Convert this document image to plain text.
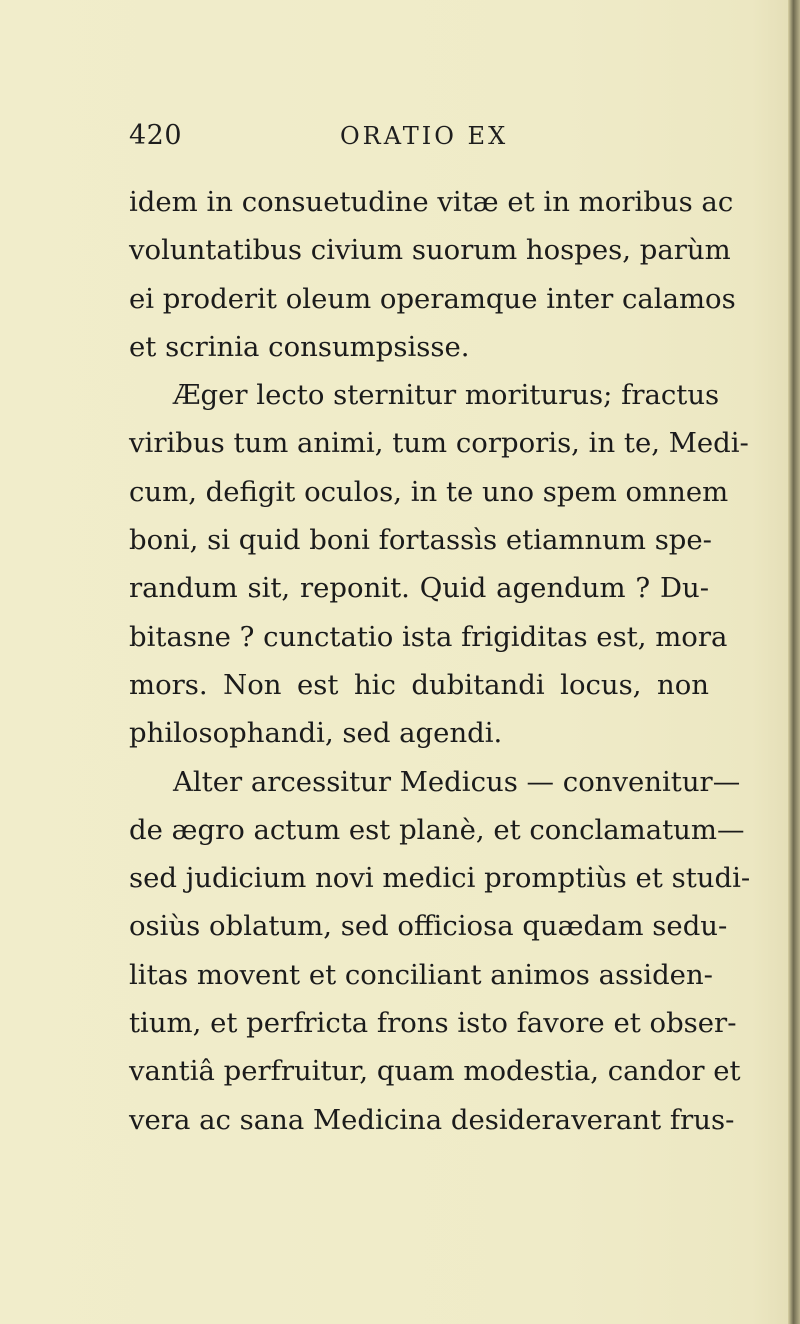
420	ORATIO EX
idem in consuetudine vitæ et in moribus ac
voluntatibus civium suorum hospes, parùm
ei proderit oleum operamque inter calamos
et scrinia consumpsisse.
Æger lecto sternitur moriturus; fractus
viribus tum animi, tum corporis, in te, Medi-
cum, defigit oculos, in te uno spem omnem
boni, si quid boni fortassìs etiamnum spe-
randum sit, reponit. Quid agendum ? Du-
bitasne ? cunctatio ista frigiditas est, mora
mors. Non est hic dubitandi locus, non
philosophandi, sed agendi.
Alter arcessitur Medicus — convenitur—
de ægro actum est planè, et conclamatum—
sed judicium novi medici promptiùs et studi-
osiùs oblatum, sed officiosa quædam sedu-
litas movent et conciliant animos assiden-
tium, et perfricta frons isto favore et obser-
vantiâ perfruitur, quam modestia, candor et
vera ac sana Medicina desideraverant frus-
